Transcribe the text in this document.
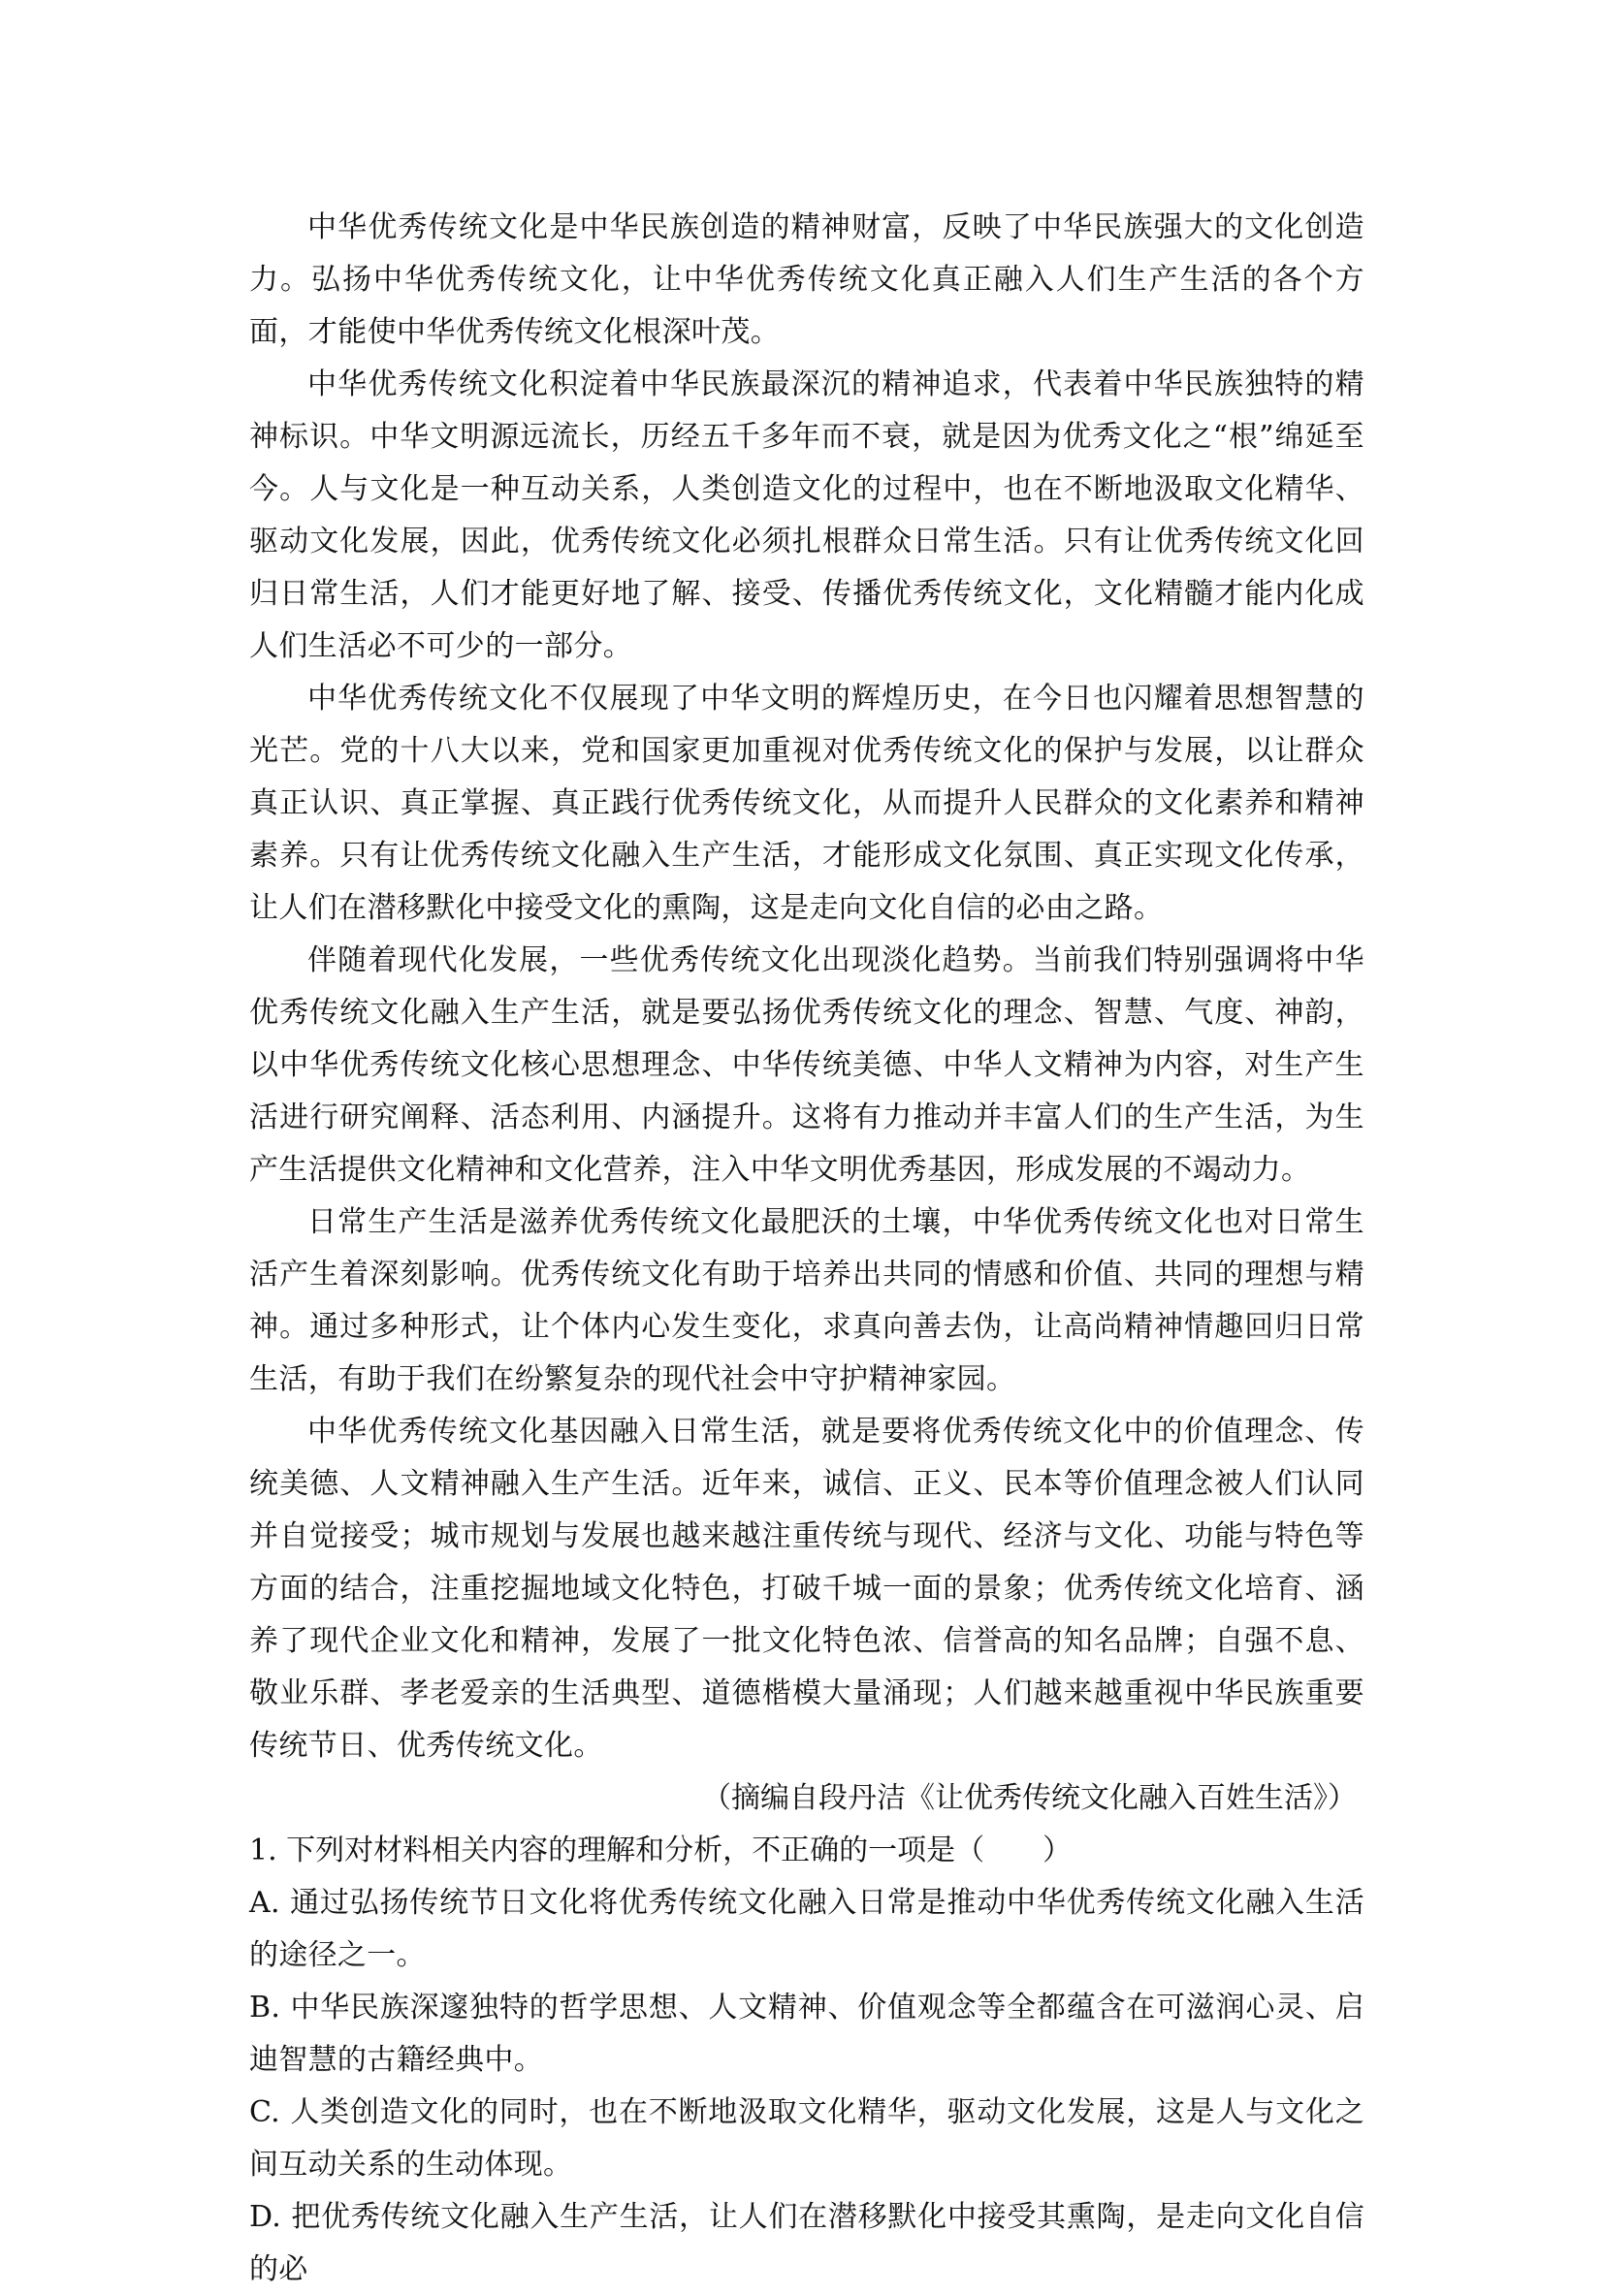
中华优秀传统文化是中华民族创造的精神财富，反映了中华民族强大的文化创造力。弘扬中华优秀传统文化，让中华优秀传统文化真正融入人们生产生活的各个方面，才能使中华优秀传统文化根深叶茂。

中华优秀传统文化积淀着中华民族最深沉的精神追求，代表着中华民族独特的精神标识。中华文明源远流长，历经五千多年而不衰，就是因为优秀文化之“根”绵延至今。人与文化是一种互动关系，人类创造文化的过程中，也在不断地汲取文化精华、驱动文化发展，因此，优秀传统文化必须扎根群众日常生活。只有让优秀传统文化回归日常生活，人们才能更好地了解、接受、传播优秀传统文化，文化精髓才能内化成人们生活必不可少的一部分。

中华优秀传统文化不仅展现了中华文明的辉煌历史，在今日也闪耀着思想智慧的光芒。党的十八大以来，党和国家更加重视对优秀传统文化的保护与发展，以让群众真正认识、真正掌握、真正践行优秀传统文化，从而提升人民群众的文化素养和精神素养。只有让优秀传统文化融入生产生活，才能形成文化氛围、真正实现文化传承，让人们在潜移默化中接受文化的熏陶，这是走向文化自信的必由之路。

伴随着现代化发展，一些优秀传统文化出现淡化趋势。当前我们特别强调将中华优秀传统文化融入生产生活，就是要弘扬优秀传统文化的理念、智慧、气度、神韵，以中华优秀传统文化核心思想理念、中华传统美德、中华人文精神为内容，对生产生活进行研究阐释、活态利用、内涵提升。这将有力推动并丰富人们的生产生活，为生产生活提供文化精神和文化营养，注入中华文明优秀基因，形成发展的不竭动力。

日常生产生活是滋养优秀传统文化最肥沃的土壤，中华优秀传统文化也对日常生活产生着深刻影响。优秀传统文化有助于培养出共同的情感和价值、共同的理想与精神。通过多种形式，让个体内心发生变化，求真向善去伪，让高尚精神情趣回归日常生活，有助于我们在纷繁复杂的现代社会中守护精神家园。

中华优秀传统文化基因融入日常生活，就是要将优秀传统文化中的价值理念、传统美德、人文精神融入生产生活。近年来，诚信、正义、民本等价值理念被人们认同并自觉接受；城市规划与发展也越来越注重传统与现代、经济与文化、功能与特色等方面的结合，注重挖掘地域文化特色，打破千城一面的景象；优秀传统文化培育、涵养了现代企业文化和精神，发展了一批文化特色浓、信誉高的知名品牌；自强不息、敬业乐群、孝老爱亲的生活典型、道德楷模大量涌现；人们越来越重视中华民族重要传统节日、优秀传统文化。

（摘编自段丹洁《让优秀传统文化融入百姓生活》）

1. 下列对材料相关内容的理解和分析，不正确的一项是（　　）

A. 通过弘扬传统节日文化将优秀传统文化融入日常是推动中华优秀传统文化融入生活的途径之一。

B. 中华民族深邃独特的哲学思想、人文精神、价值观念等全都蕴含在可滋润心灵、启迪智慧的古籍经典中。

C. 人类创造文化的同时，也在不断地汲取文化精华，驱动文化发展，这是人与文化之间互动关系的生动体现。

D. 把优秀传统文化融入生产生活，让人们在潜移默化中接受其熏陶，是走向文化自信的必
